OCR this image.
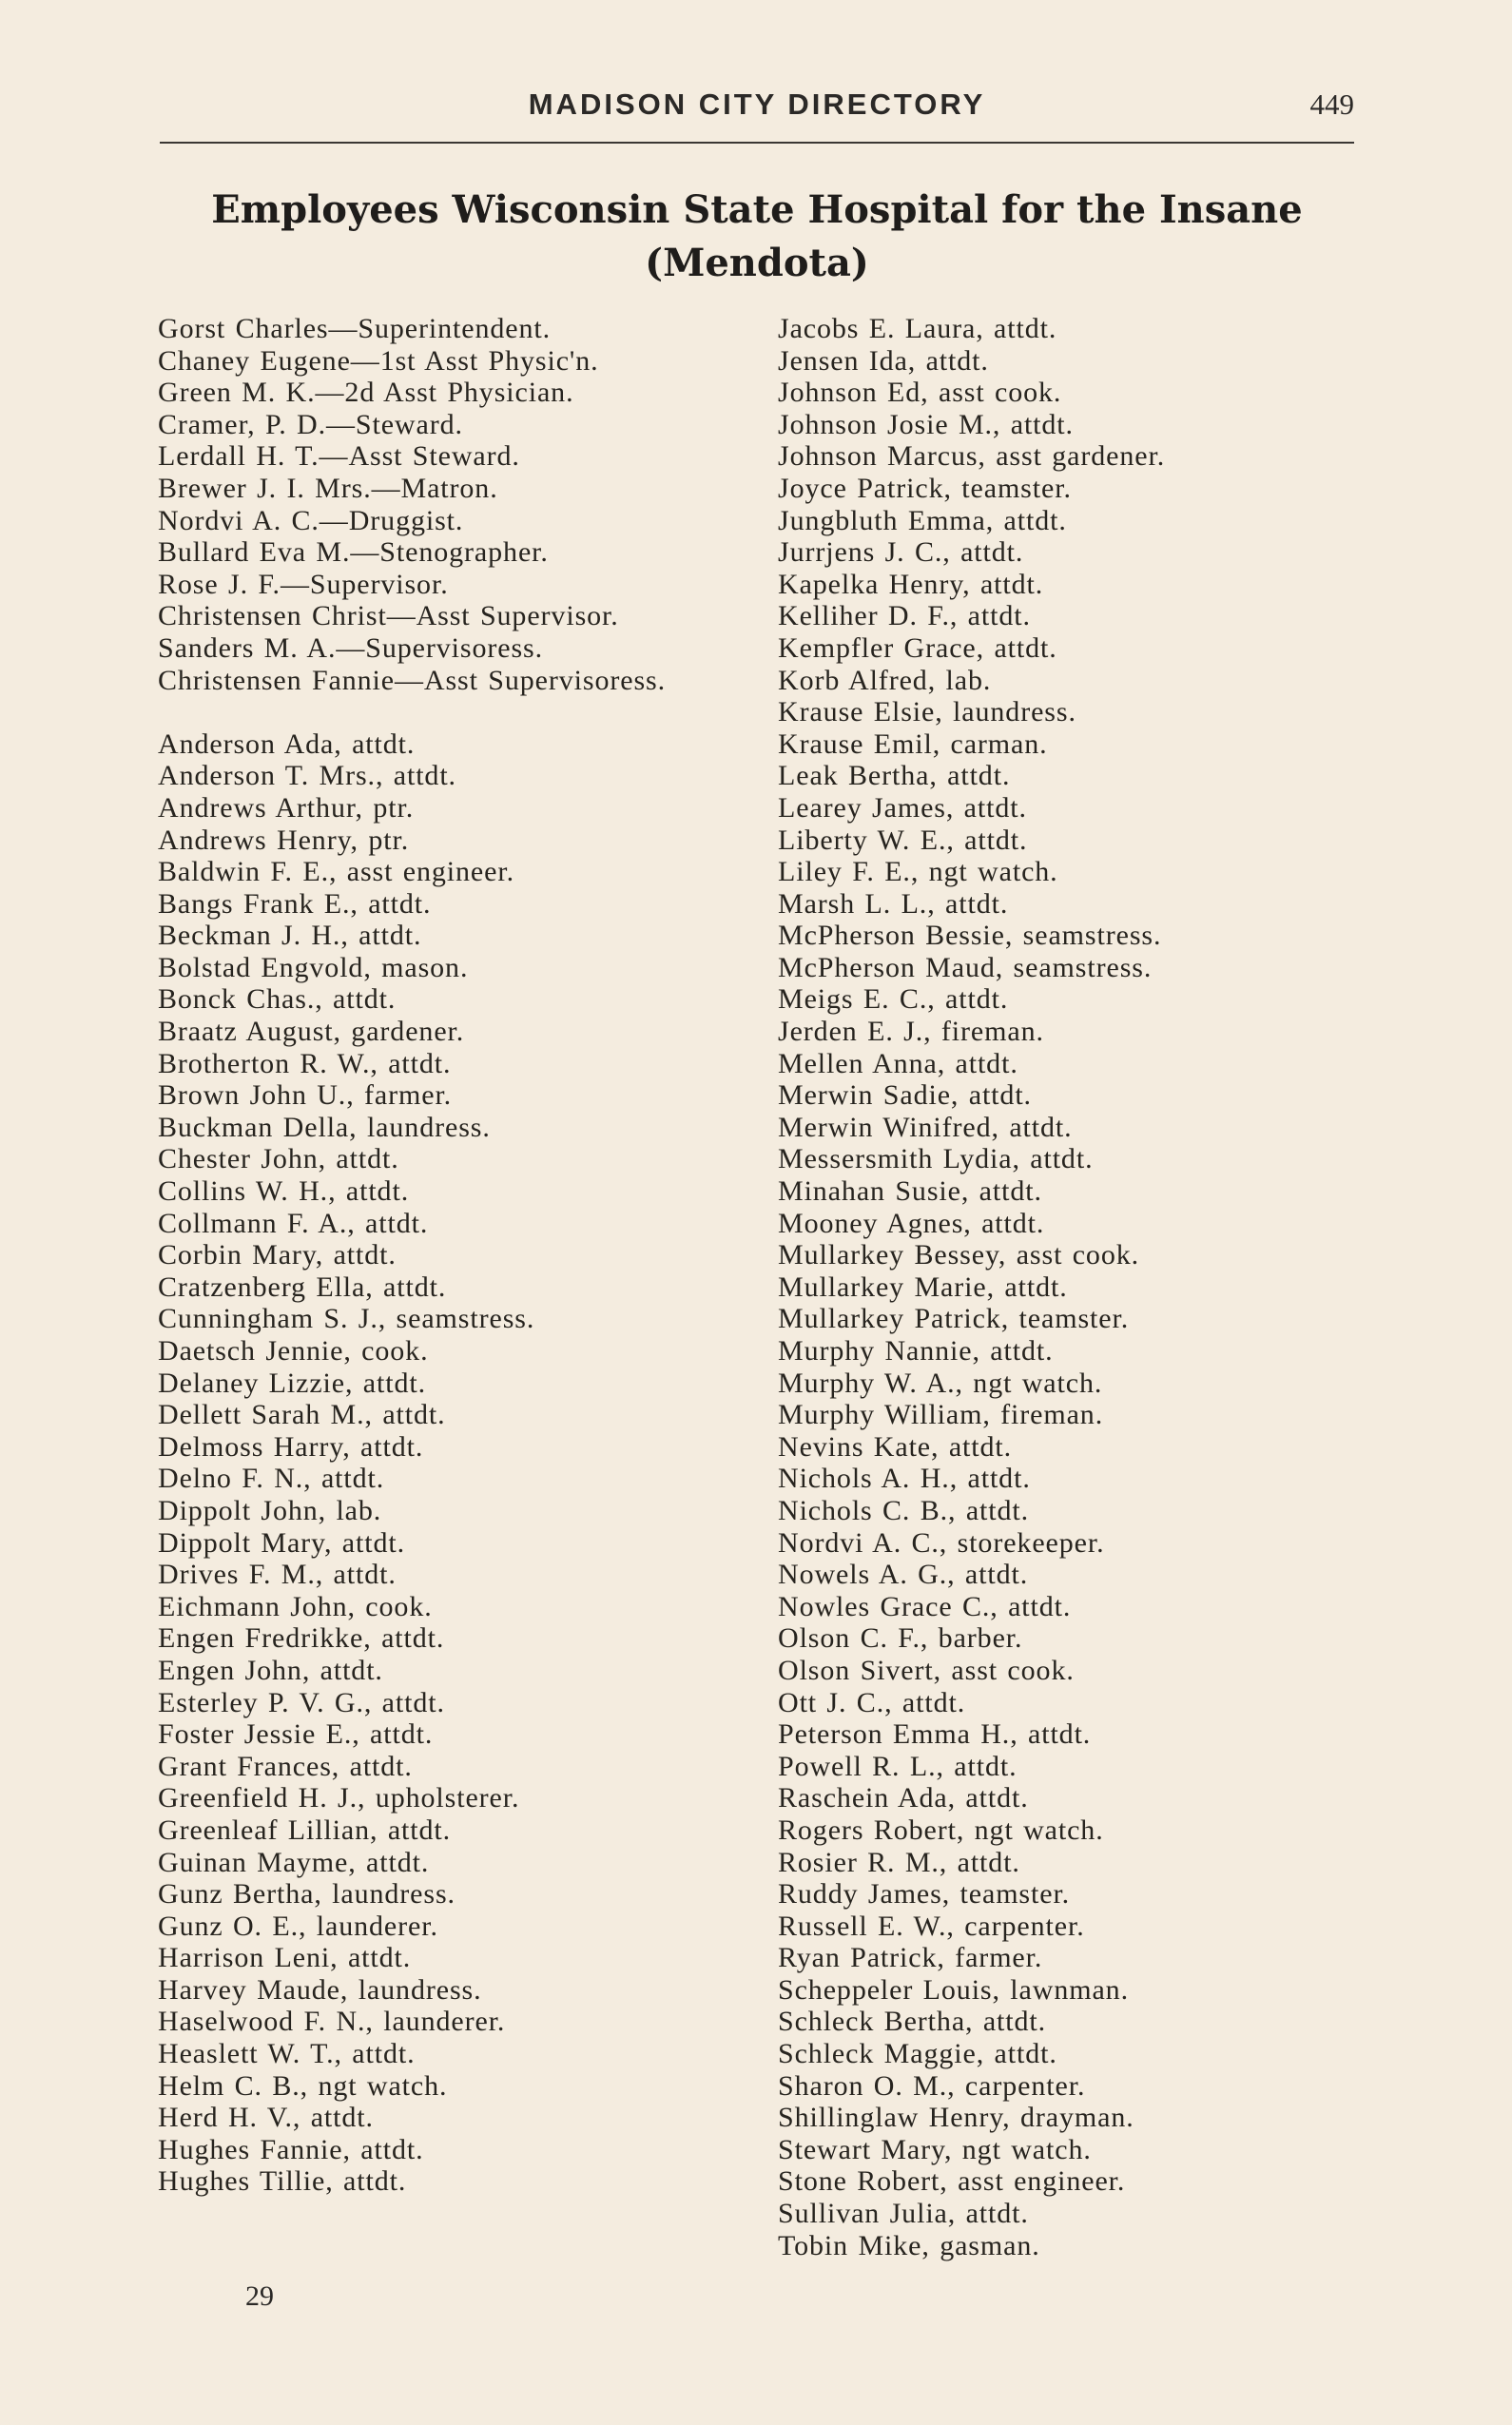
MADISON CITY DIRECTORY	449
Employees Wisconsin State Hospital for the Insane
(Mendota)
Gorst Charles—Superintendent.
Chaney Eugene—1st Asst Physic'n.
Green M. K.—2d Asst Physician.
Cramer, P. D.—Steward.
Lerdall H. T.—Asst Steward.
Brewer J. I. Mrs.—Matron.
Nordvi A. C.—Druggist.
Bullard Eva M.—Stenographer.
Rose J. F.—Supervisor.
Christensen Christ—Asst Supervisor.
Sanders M. A.—Supervisoress.
Christensen Fannie—Asst Supervisoress.
Anderson Ada, attdt.
Anderson T. Mrs., attdt.
Andrews Arthur, ptr.
Andrews Henry, ptr.
Baldwin F. E., asst engineer.
Bangs Frank E., attdt.
Beckman J. H., attdt.
Bolstad Engvold, mason.
Bonck Chas., attdt.
Braatz August, gardener.
Brotherton R. W., attdt.
Brown John U., farmer.
Buckman Della, laundress.
Chester John, attdt.
Collins W. H., attdt.
Collmann F. A., attdt.
Corbin Mary, attdt.
Cratzenberg Ella, attdt.
Cunningham S. J., seamstress.
Daetsch Jennie, cook.
Delaney Lizzie, attdt.
Dellett Sarah M., attdt.
Delmoss Harry, attdt.
Delno F. N., attdt.
Dippolt John, lab.
Dippolt Mary, attdt.
Drives F. M., attdt.
Eichmann John, cook.
Engen Fredrikke, attdt.
Engen John, attdt.
Esterley P. V. G., attdt.
Foster Jessie E., attdt.
Grant Frances, attdt.
Greenfield H. J., upholsterer.
Greenleaf Lillian, attdt.
Guinan Mayme, attdt.
Gunz Bertha, laundress.
Gunz O. E., launderer.
Harrison Leni, attdt.
Harvey Maude, laundress.
Haselwood F. N., launderer.
Heaslett W. T., attdt.
Helm C. B., ngt watch.
Herd H. V., attdt.
Hughes Fannie, attdt.
Hughes Tillie, attdt.
Jacobs E. Laura, attdt.
Jensen Ida, attdt.
Johnson Ed, asst cook.
Johnson Josie M., attdt.
Johnson Marcus, asst gardener.
Joyce Patrick, teamster.
Jungbluth Emma, attdt.
Jurrjens J. C., attdt.
Kapelka Henry, attdt.
Kelliher D. F., attdt.
Kempfler Grace, attdt.
Korb Alfred, lab.
Krause Elsie, laundress.
Krause Emil, carman.
Leak Bertha, attdt.
Learey James, attdt.
Liberty W. E., attdt.
Liley F. E., ngt watch.
Marsh L. L., attdt.
McPherson Bessie, seamstress.
McPherson Maud, seamstress.
Meigs E. C., attdt.
Jerden E. J., fireman.
Mellen Anna, attdt.
Merwin Sadie, attdt.
Merwin Winifred, attdt.
Messersmith Lydia, attdt.
Minahan Susie, attdt.
Mooney Agnes, attdt.
Mullarkey Bessey, asst cook.
Mullarkey Marie, attdt.
Mullarkey Patrick, teamster.
Murphy Nannie, attdt.
Murphy W. A., ngt watch.
Murphy William, fireman.
Nevins Kate, attdt.
Nichols A. H., attdt.
Nichols C. B., attdt.
Nordvi A. C., storekeeper.
Nowels A. G., attdt.
Nowles Grace C., attdt.
Olson C. F., barber.
Olson Sivert, asst cook.
Ott J. C., attdt.
Peterson Emma H., attdt.
Powell R. L., attdt.
Raschein Ada, attdt.
Rogers Robert, ngt watch.
Rosier R. M., attdt.
Ruddy James, teamster.
Russell E. W., carpenter.
Ryan Patrick, farmer.
Scheppeler Louis, lawnman.
Schleck Bertha, attdt.
Schleck Maggie, attdt.
Sharon O. M., carpenter.
Shillinglaw Henry, drayman.
Stewart Mary, ngt watch.
Stone Robert, asst engineer.
Sullivan Julia, attdt.
Tobin Mike, gasman.
29
